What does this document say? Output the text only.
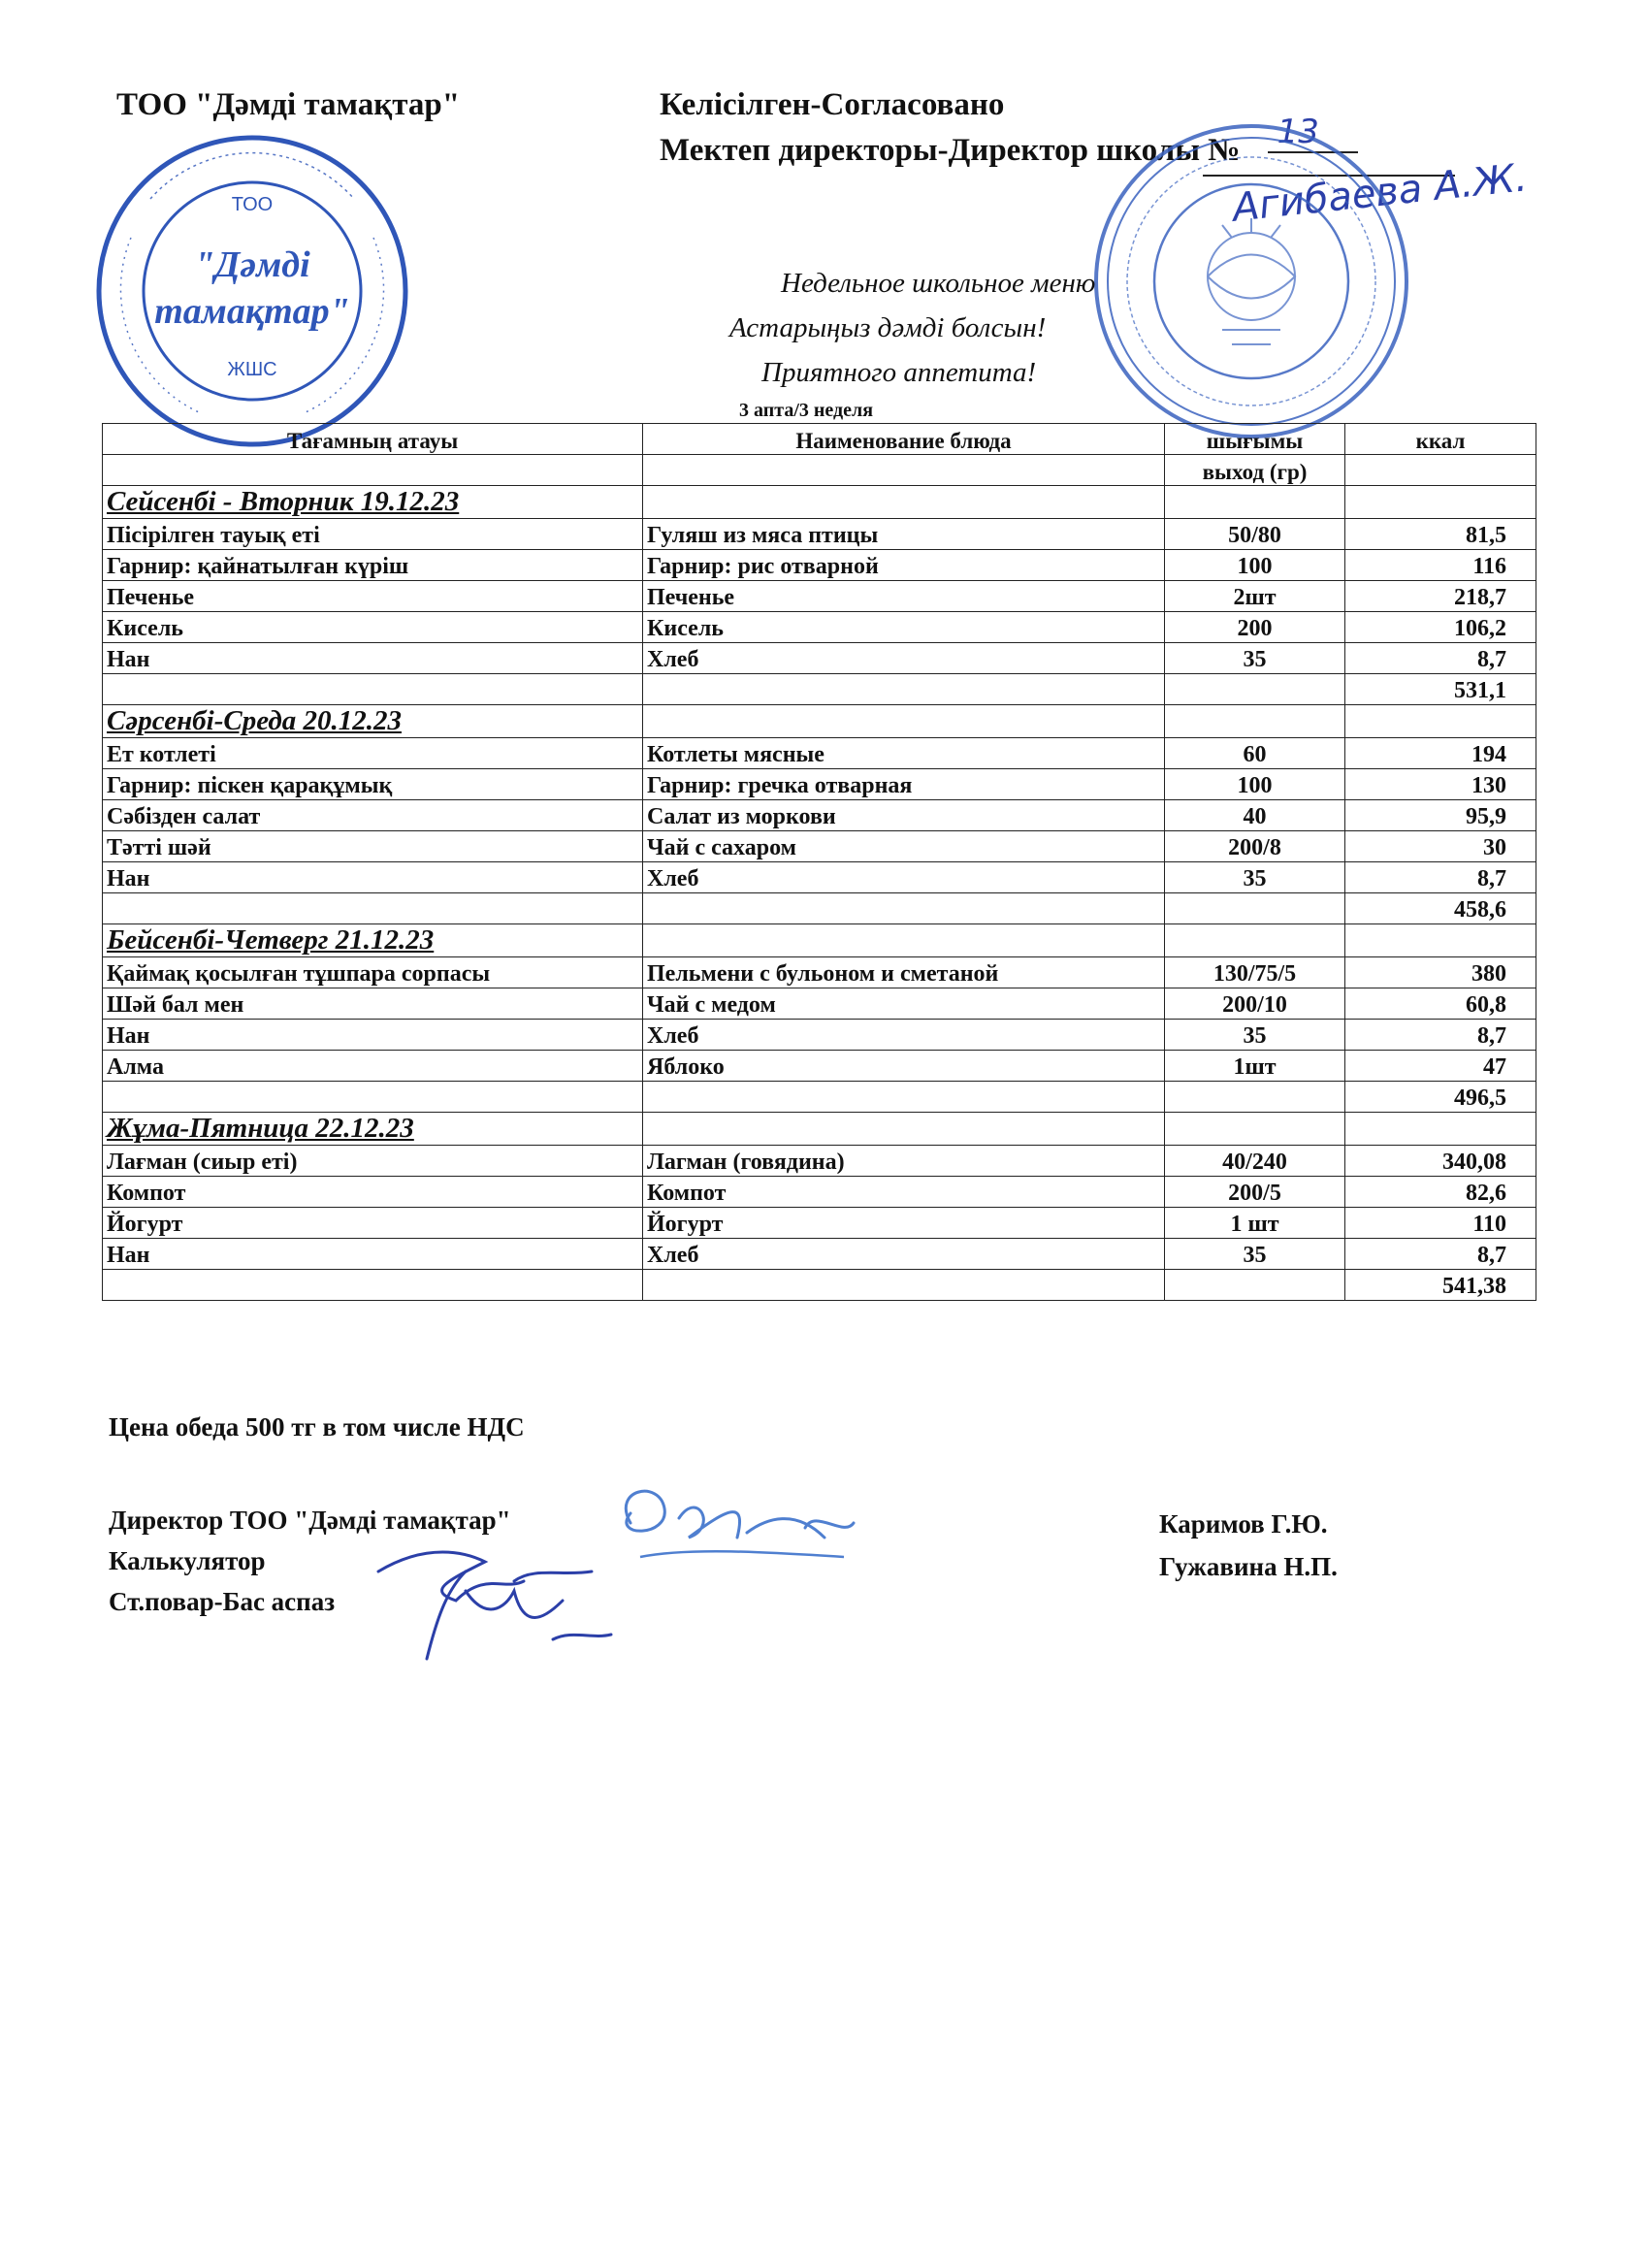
ТОО "Дәмді тамақтар"	Келісілген-Согласовано
Мектеп директоры-Директор школы № 13
Агибаева А.Ж.
ТОО
"Дәмді
тамақтар"
ЖШС
Недельное школьное меню
Астарыңыз дәмді болсын!
Приятного аппетита!
3 апта/3 неделя
Тағамның атауы	Наименование блюда	шығымы	ккал
		выход (гр)	
Сейсенбі - Вторник 19.12.23			
Пісірілген тауық еті	Гуляш из мяса птицы	50/80	81,5
Гарнир: қайнатылған күріш	Гарнир: рис отварной	100	116
Печенье	Печенье	2шт	218,7
Кисель	Кисель	200	106,2
Нан	Хлеб	35	8,7
			531,1
Сәрсенбі-Среда 20.12.23			
Ет котлеті	Котлеты мясные	60	194
Гарнир: піскен қарақұмық	Гарнир: гречка отварная	100	130
Сәбізден салат	Салат из моркови	40	95,9
Тәтті шәй	Чай с сахаром	200/8	30
Нан	Хлеб	35	8,7
			458,6
Бейсенбі-Четверг 21.12.23			
Қаймақ қосылған тұшпара сорпасы	Пельмени с бульоном и сметаной	130/75/5	380
Шәй бал мен	Чай с медом	200/10	60,8
Нан	Хлеб	35	8,7
Алма	Яблоко	1шт	47
			496,5
Жұма-Пятница 22.12.23			
Лағман (сиыр еті)	Лагман (говядина)	40/240	340,08
Компот	Компот	200/5	82,6
Йогурт	Йогурт	1 шт	110
Нан	Хлеб	35	8,7
			541,38
Цена обеда 500 тг в том числе НДС
Директор ТОО "Дәмді тамақтар"
Калькулятор
Ст.повар-Бас аспаз
Каримов Г.Ю.
Гужавина Н.П.
